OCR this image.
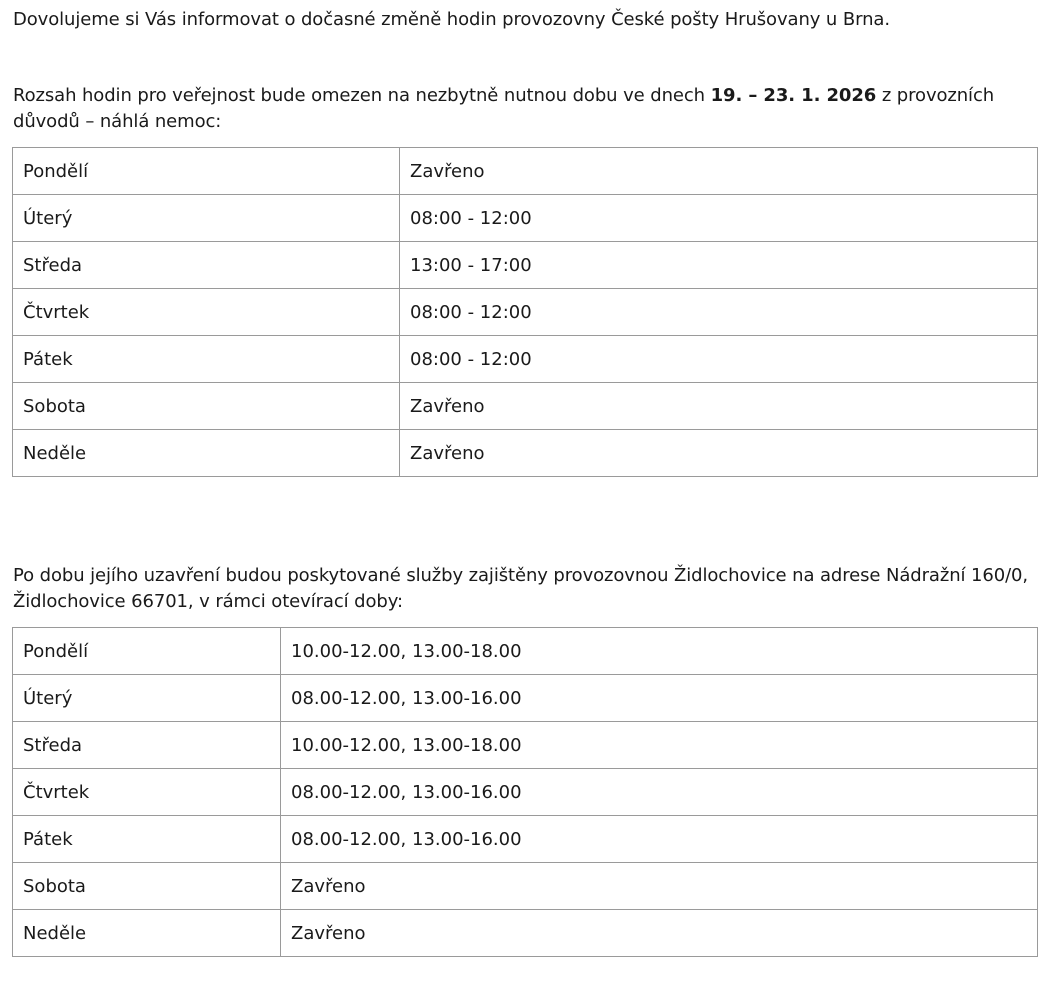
Dovolujeme si Vás informovat o dočasné změně hodin provozovny České pošty Hrušovany u Brna.

Rozsah hodin pro veřejnost bude omezen na nezbytně nutnou dobu ve dnech 19. – 23. 1. 2026 z provozních důvodů – náhlá nemoc:

Pondělí	Zavřeno
Úterý	08:00 - 12:00
Středa	13:00 - 17:00
Čtvrtek	08:00 - 12:00
Pátek	08:00 - 12:00
Sobota	Zavřeno
Neděle	Zavřeno

Po dobu jejího uzavření budou poskytované služby zajištěny provozovnou Židlochovice na adrese Nádražní 160/0, Židlochovice 66701, v rámci otevírací doby:

Pondělí	10.00-12.00, 13.00-18.00
Úterý	08.00-12.00, 13.00-16.00
Středa	10.00-12.00, 13.00-18.00
Čtvrtek	08.00-12.00, 13.00-16.00
Pátek	08.00-12.00, 13.00-16.00
Sobota	Zavřeno
Neděle	Zavřeno
